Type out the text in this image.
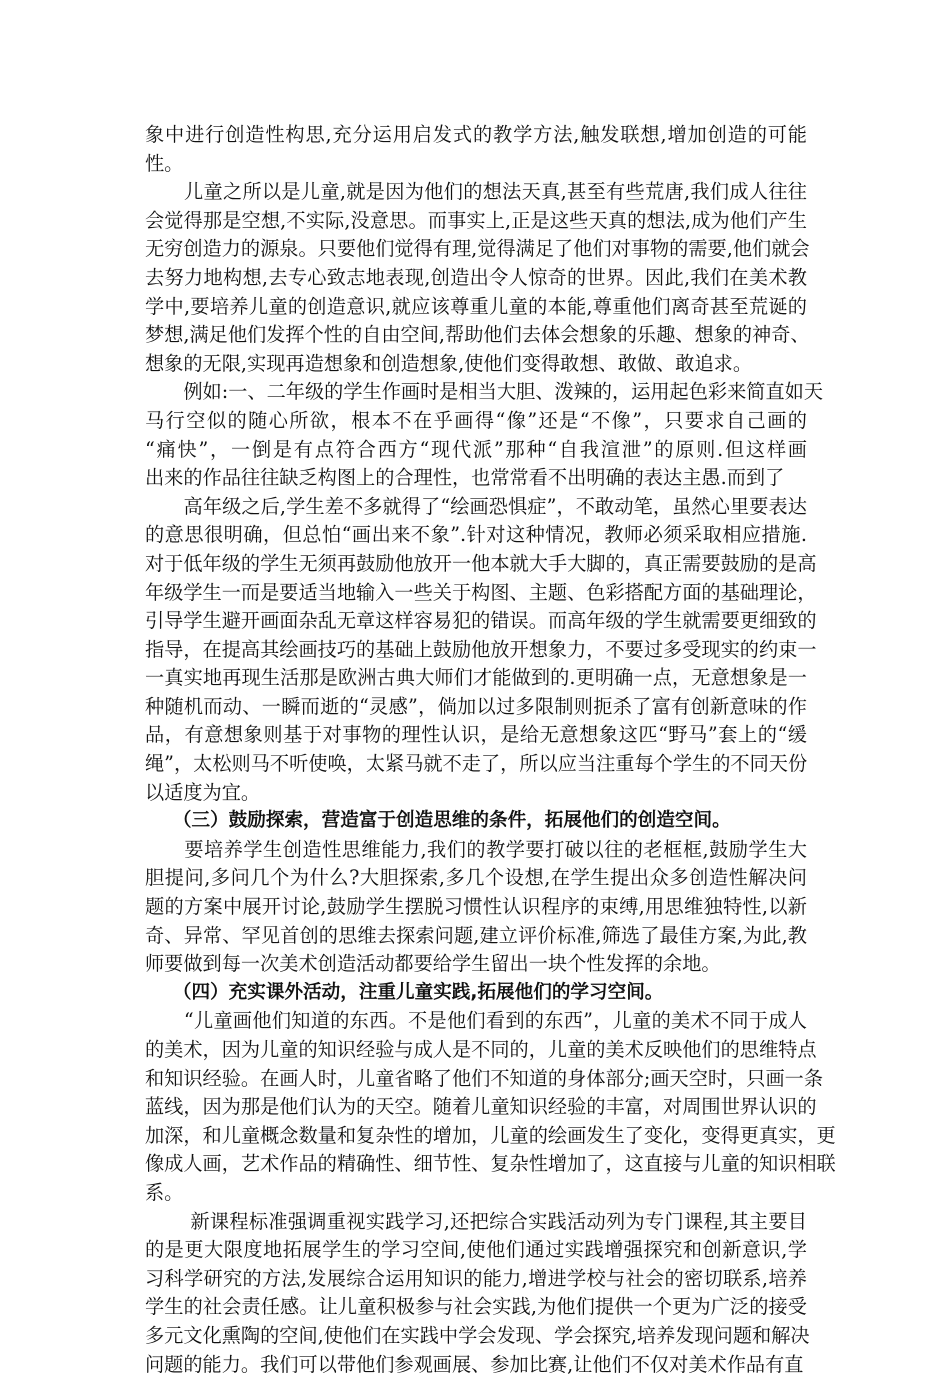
象中进行创造性构思,充分运用启发式的教学方法,触发联想,增加创造的可能
性。
　　儿童之所以是儿童,就是因为他们的想法天真,甚至有些荒唐,我们成人往往
会觉得那是空想,不实际,没意思。而事实上,正是这些天真的想法,成为他们产生
无穷创造力的源泉。只要他们觉得有理,觉得满足了他们对事物的需要,他们就会
去努力地构想,去专心致志地表现,创造出令人惊奇的世界。因此,我们在美术教
学中,要培养儿童的创造意识,就应该尊重儿童的本能,尊重他们离奇甚至荒诞的
梦想,满足他们发挥个性的自由空间,帮助他们去体会想象的乐趣、想象的神奇、
想象的无限,实现再造想象和创造想象,使他们变得敢想、敢做、敢追求。
　　例如:一、二年级的学生作画时是相当大胆、泼辣的，运用起色彩来简直如天
马行空似的随心所欲，根本不在乎画得“像”还是“不像”，只要求自己画的
“痛快”，一倒是有点符合西方“现代派”那种“自我渲泄”的原则.但这样画
出来的作品往往缺乏构图上的合理性，也常常看不出明确的表达主愚.而到了
　　高年级之后,学生差不多就得了“绘画恐惧症”，不敢动笔，虽然心里要表达
的意思很明确，但总怕“画出来不象”.针对这种情况，教师必须采取相应措施.
对于低年级的学生无须再鼓励他放开一他本就大手大脚的，真正需要鼓励的是高
年级学生一而是要适当地输入一些关于构图、主题、色彩搭配方面的基础理论，
引导学生避开画面杂乱无章这样容易犯的错误。而高年级的学生就需要更细致的
指导，在提高其绘画技巧的基础上鼓励他放开想象力，不要过多受现实的约束一
一真实地再现生活那是欧洲古典大师们才能做到的.更明确一点，无意想象是一
种随机而动、一瞬而逝的“灵感”，倘加以过多限制则扼杀了富有创新意味的作
品，有意想象则基于对事物的理性认识，是给无意想象这匹“野马”套上的“缓
绳”，太松则马不听使唤，太紧马就不走了，所以应当注重每个学生的不同天份
以适度为宜。
　　（三）鼓励探索，营造富于创造思维的条件，拓展他们的创造空间。
　　要培养学生创造性思维能力,我们的教学要打破以往的老框框,鼓励学生大
胆提问,多问几个为什么?大胆探索,多几个设想,在学生提出众多创造性解决问
题的方案中展开讨论,鼓励学生摆脱习惯性认识程序的束缚,用思维独特性,以新
奇、异常、罕见首创的思维去探索问题,建立评价标准,筛选了最佳方案,为此,教
师要做到每一次美术创造活动都要给学生留出一块个性发挥的余地。
　　（四）充实课外活动，注重儿童实践,拓展他们的学习空间。
　　“儿童画他们知道的东西。不是他们看到的东西”，儿童的美术不同于成人
的美术，因为儿童的知识经验与成人是不同的，儿童的美术反映他们的思维特点
和知识经验。在画人时，儿童省略了他们不知道的身体部分;画天空时，只画一条
蓝线，因为那是他们认为的天空。随着儿童知识经验的丰富，对周围世界认识的
加深，和儿童概念数量和复杂性的增加，儿童的绘画发生了变化，变得更真实，更
像成人画，艺术作品的精确性、细节性、复杂性增加了，这直接与儿童的知识相联
系。
　　 新课程标准强调重视实践学习,还把综合实践活动列为专门课程,其主要目
的是更大限度地拓展学生的学习空间,使他们通过实践增强探究和创新意识,学
习科学研究的方法,发展综合运用知识的能力,增进学校与社会的密切联系,培养
学生的社会责任感。让儿童积极参与社会实践,为他们提供一个更为广泛的接受
多元文化熏陶的空间,使他们在实践中学会发现、学会探究,培养发现问题和解决
问题的能力。我们可以带他们参观画展、参加比赛,让他们不仅对美术作品有直
